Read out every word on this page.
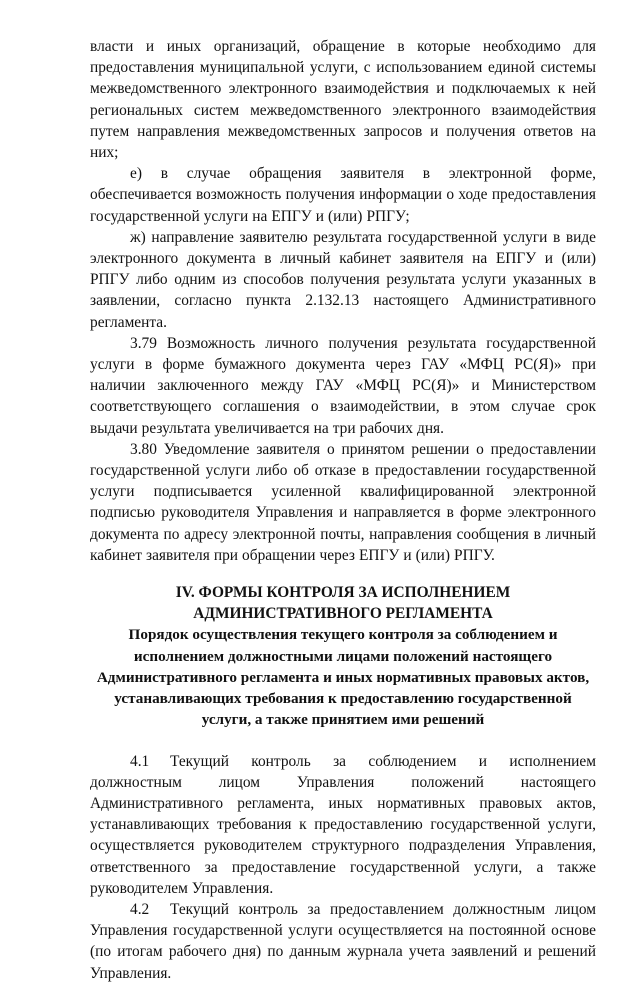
власти и иных организаций, обращение в которые необходимо для предоставления муниципальной услуги, с использованием единой системы межведомственного электронного взаимодействия и подключаемых к ней региональных систем межведомственного электронного взаимодействия путем направления межведомственных запросов и получения ответов на них;

е) в случае обращения заявителя в электронной форме, обеспечивается возможность получения информации о ходе предоставления государственной услуги на ЕПГУ и (или) РПГУ;

ж) направление заявителю результата государственной услуги в виде электронного документа в личный кабинет заявителя на ЕПГУ и (или) РПГУ либо одним из способов получения результата услуги указанных в заявлении, согласно пункта 2.132.13 настоящего Административного регламента.

3.79 Возможность личного получения результата государственной услуги в форме бумажного документа через ГАУ «МФЦ РС(Я)» при наличии заключенного между ГАУ «МФЦ РС(Я)» и Министерством соответствующего соглашения о взаимодействии, в этом случае срок выдачи результата увеличивается на три рабочих дня.

3.80 Уведомление заявителя о принятом решении о предоставлении государственной услуги либо об отказе в предоставлении государственной услуги подписывается усиленной квалифицированной электронной подписью руководителя Управления и направляется в форме электронного документа по адресу электронной почты, направления сообщения в личный кабинет заявителя при обращении через ЕПГУ и (или) РПГУ.

IV. ФОРМЫ КОНТРОЛЯ ЗА ИСПОЛНЕНИЕМ АДМИНИСТРАТИВНОГО РЕГЛАМЕНТА
Порядок осуществления текущего контроля за соблюдением и исполнением должностными лицами положений настоящего Административного регламента и иных нормативных правовых актов, устанавливающих требования к предоставлению государственной услуги, а также принятием ими решений

4.1 Текущий контроль за соблюдением и исполнением должностным лицом Управления положений настоящего Административного регламента, иных нормативных правовых актов, устанавливающих требования к предоставлению государственной услуги, осуществляется руководителем структурного подразделения Управления, ответственного за предоставление государственной услуги, а также руководителем Управления.

4.2 Текущий контроль за предоставлением должностным лицом Управления государственной услуги осуществляется на постоянной основе (по итогам рабочего дня) по данным журнала учета заявлений и решений Управления.
